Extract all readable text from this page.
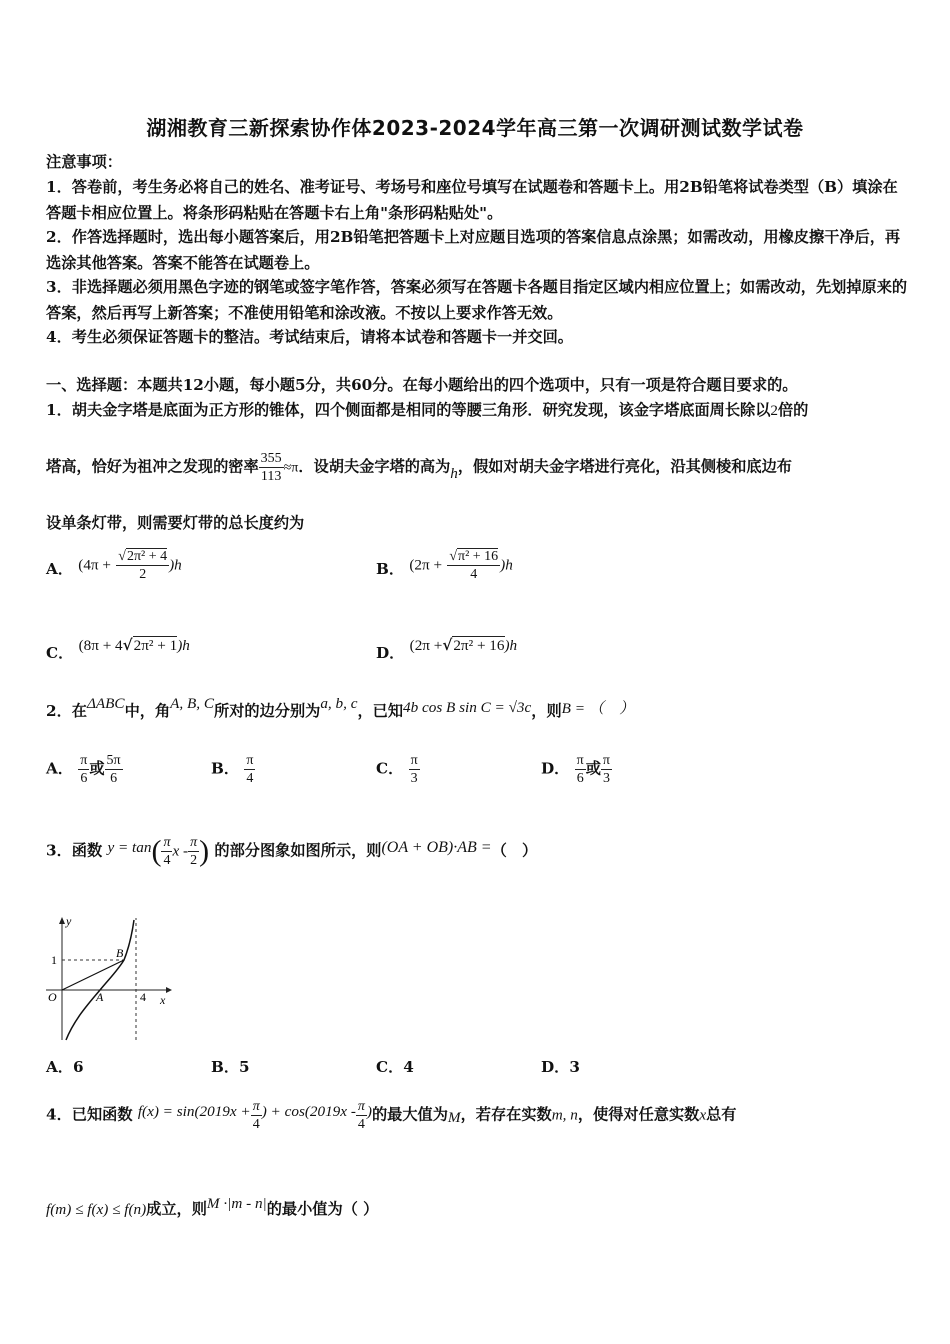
湖湘教育三新探索协作体2023-2024学年高三第一次调研测试数学试卷
注意事项：
1．答卷前，考生务必将自己的姓名、准考证号、考场号和座位号填写在试题卷和答题卡上。用2B铅笔将试卷类型（B）填涂在答题卡相应位置上。将条形码粘贴在答题卡右上角"条形码粘贴处"。
2．作答选择题时，选出每小题答案后，用2B铅笔把答题卡上对应题目选项的答案信息点涂黑；如需改动，用橡皮擦干净后，再选涂其他答案。答案不能答在试题卷上。
3．非选择题必须用黑色字迹的钢笔或签字笔作答，答案必须写在答题卡各题目指定区域内相应位置上；如需改动，先划掉原来的答案，然后再写上新答案；不准使用铅笔和涂改液。不按以上要求作答无效。
4．考生必须保证答题卡的整洁。考试结束后，请将本试卷和答题卡一并交回。
一、选择题：本题共12小题，每小题5分，共60分。在每小题给出的四个选项中，只有一项是符合题目要求的。
1．胡夫金字塔是底面为正方形的锥体，四个侧面都是相同的等腰三角形．研究发现，该金字塔底面周长除以2倍的
塔高，恰好为祖冲之发现的密率 $\frac{355}{113} \approx\pi$．设胡夫金字塔的高为h，假如对胡夫金字塔进行亮化，沿其侧棱和底边布
设单条灯带，则需要灯带的总长度约为
A． $(4\pi + \frac{\text{√2π² + 4}}{2} )h$	B． $(2\pi + \frac{\text{√π² + 16}}{4} )h$
C． (8π + 4√2π² + 1)h	D． (2π +√2π² + 16)h
2．在ΔABC中，角A, B, C所对的边分别为a, b, c，已知4b cos B sin C = √3c，则B = （　）
A． $\frac{\pi}{6}$ 或 $\frac{5\pi}{6}$	B． $\frac{\pi}{4}$	C． $\frac{\pi}{3}$	D． $\frac{\pi}{6}$ 或 $\frac{\pi}{3}$
3．函数 $y = \tan( \frac{\pi}{4}$ x - $\frac{\pi}{2}$ ) 的部分图象如图所示，则(OA + OB)·AB =（　）
y
x
O	A
B
1
4
A．6	B．5	C．4	D．3
4．已知函数 $f(x) = \sin(2019x + \frac{\pi}{4}$ ) + $\cos(2019x - \frac{\pi}{4}$ )的最大值为M，若存在实数m, n，使得对任意实数x总有
f(m) ≤ f(x) ≤ f(n)成立，则M ·|m - n|的最小值为（ ）
